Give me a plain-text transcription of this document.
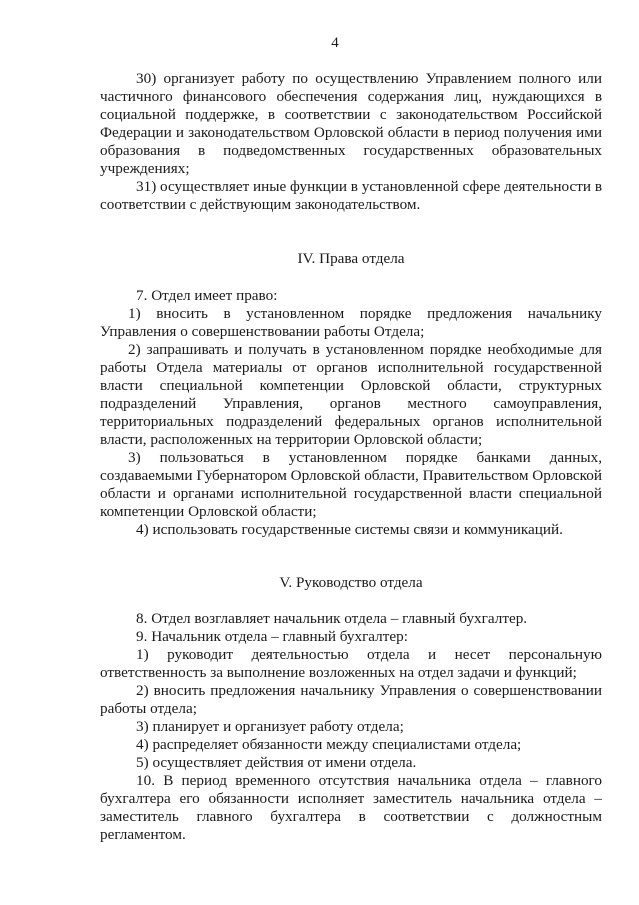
4

30) организует работу по осуществлению Управлением полного или частичного финансового обеспечения содержания лиц, нуждающихся в социальной поддержке, в соответствии с законодательством Российской Федерации и законодательством Орловской области в период получения ими образования в подведомственных государственных образовательных учреждениях;

31) осуществляет иные функции в установленной сфере деятельности в соответствии с действующим законодательством.

IV. Права отдела

7. Отдел имеет право:

1) вносить в установленном порядке предложения начальнику Управления о совершенствовании работы Отдела;

2) запрашивать и получать в установленном порядке необходимые для работы Отдела материалы от органов исполнительной государственной власти специальной компетенции Орловской области, структурных подразделений Управления, органов местного самоуправления, территориальных подразделений федеральных органов исполнительной власти, расположенных на территории Орловской области;

3) пользоваться в установленном порядке банками данных, создаваемыми Губернатором Орловской области, Правительством Орловской области и органами исполнительной государственной власти специальной компетенции Орловской области;

4) использовать государственные системы связи и коммуникаций.

V. Руководство отдела

8. Отдел возглавляет начальник отдела – главный бухгалтер.

9. Начальник отдела – главный бухгалтер:

1) руководит деятельностью отдела и несет персональную ответственность за выполнение возложенных на отдел задачи и функций;

2) вносить предложения начальнику Управления о совершенствовании работы отдела;

3) планирует и организует работу отдела;

4) распределяет обязанности между специалистами отдела;

5) осуществляет действия от имени отдела.

10. В период временного отсутствия начальника отдела – главного бухгалтера его обязанности исполняет заместитель начальника отдела – заместитель главного бухгалтера в соответствии с должностным регламентом.
